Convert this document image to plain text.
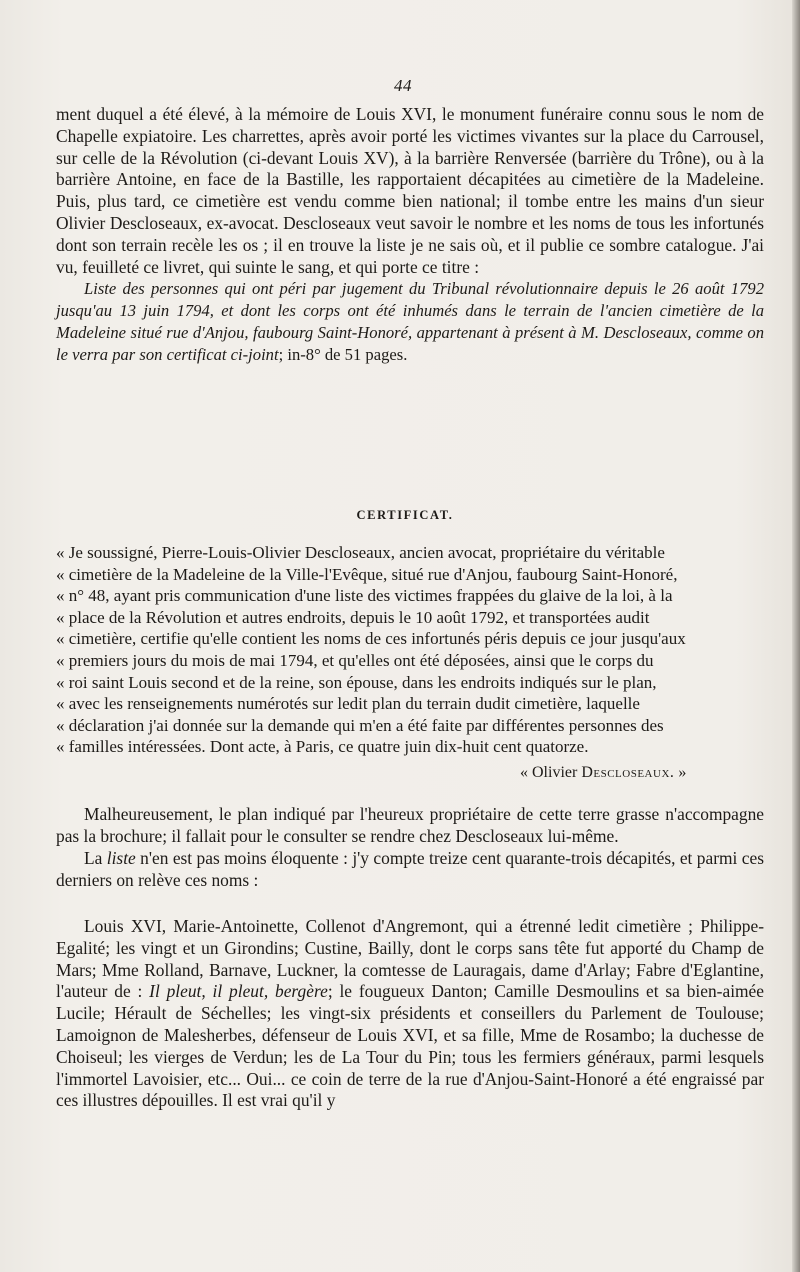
44

ment duquel a été élevé, à la mémoire de Louis XVI, le monument funéraire connu sous le nom de Chapelle expiatoire. Les charrettes, après avoir porté les victimes vivantes sur la place du Carrousel, sur celle de la Révolution (ci-devant Louis XV), à la barrière Renversée (barrière du Trône), ou à la barrière Antoine, en face de la Bastille, les rapportaient décapitées au cimetière de la Madeleine. Puis, plus tard, ce cimetière est vendu comme bien national; il tombe entre les mains d'un sieur Olivier Descloseaux, ex-avocat. Descloseaux veut savoir le nombre et les noms de tous les infortunés dont son terrain recèle les os ; il en trouve la liste je ne sais où, et il publie ce sombre catalogue. J'ai vu, feuilleté ce livret, qui suinte le sang, et qui porte ce titre :

Liste des personnes qui ont péri par jugement du Tribunal révolutionnaire depuis le 26 août 1792 jusqu'au 13 juin 1794, et dont les corps ont été inhumés dans le terrain de l'ancien cimetière de la Madeleine situé rue d'Anjou, faubourg Saint-Honoré, appartenant à présent à M. Descloseaux, comme on le verra par son certificat ci-joint; in-8° de 51 pages.

CERTIFICAT.
« Je soussigné, Pierre-Louis-Olivier Descloseaux, ancien avocat, propriétaire du véritable
« cimetière de la Madeleine de la Ville-l'Evêque, situé rue d'Anjou, faubourg Saint-Honoré,
« n° 48, ayant pris communication d'une liste des victimes frappées du glaive de la loi, à la
« place de la Révolution et autres endroits, depuis le 10 août 1792, et transportées audit
« cimetière, certifie qu'elle contient les noms de ces infortunés péris depuis ce jour jusqu'aux
« premiers jours du mois de mai 1794, et qu'elles ont été déposées, ainsi que le corps du
« roi saint Louis second et de la reine, son épouse, dans les endroits indiqués sur le plan,
« avec les renseignements numérotés sur ledit plan du terrain dudit cimetière, laquelle
« déclaration j'ai donnée sur la demande qui m'en a été faite par différentes personnes des
« familles intéressées. Dont acte, à Paris, ce quatre juin dix-huit cent quatorze.
« Olivier Descloseaux. »

Malheureusement, le plan indiqué par l'heureux propriétaire de cette terre grasse n'accompagne pas la brochure; il fallait pour le consulter se rendre chez Descloseaux lui-même.

La liste n'en est pas moins éloquente : j'y compte treize cent quarante-trois décapités, et parmi ces derniers on relève ces noms :

Louis XVI, Marie-Antoinette, Collenot d'Angremont, qui a étrenné ledit cimetière ; Philippe-Egalité; les vingt et un Girondins; Custine, Bailly, dont le corps sans tête fut apporté du Champ de Mars; Mme Rolland, Barnave, Luckner, la comtesse de Lauragais, dame d'Arlay; Fabre d'Eglantine, l'auteur de : Il pleut, il pleut, bergère; le fougueux Danton; Camille Desmoulins et sa bien-aimée Lucile; Hérault de Séchelles; les vingt-six présidents et conseillers du Parlement de Toulouse; Lamoignon de Malesherbes, défenseur de Louis XVI, et sa fille, Mme de Rosambo; la duchesse de Choiseul; les vierges de Verdun; les de La Tour du Pin; tous les fermiers généraux, parmi lesquels l'immortel Lavoisier, etc... Oui... ce coin de terre de la rue d'Anjou-Saint-Honoré a été engraissé par ces illustres dépouilles. Il est vrai qu'il y
